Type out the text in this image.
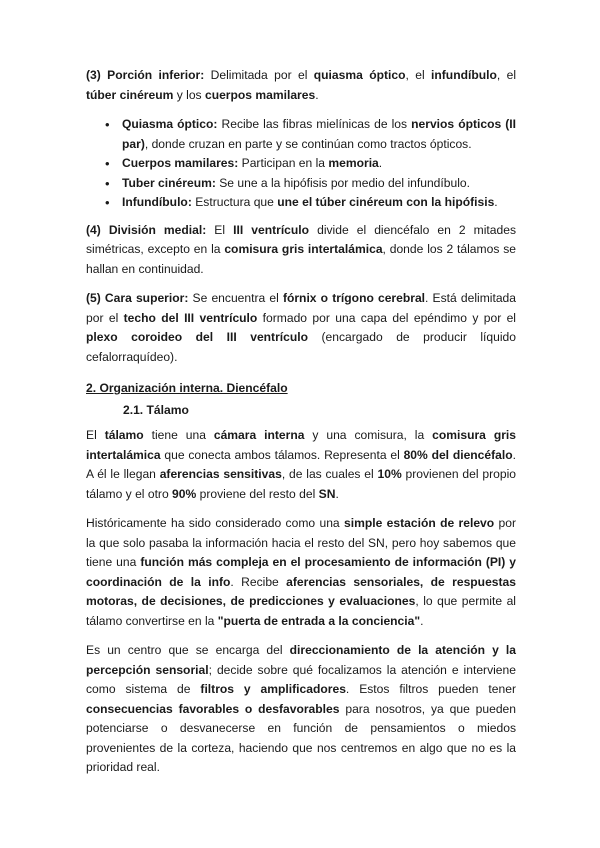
(3) Porción inferior: Delimitada por el quiasma óptico, el infundíbulo, el túber cinéreum y los cuerpos mamilares.

• Quiasma óptico: Recibe las fibras mielínicas de los nervios ópticos (II par), donde cruzan en parte y se continúan como tractos ópticos.
• Cuerpos mamilares: Participan en la memoria.
• Tuber cinéreum: Se une a la hipófisis por medio del infundíbulo.
• Infundíbulo: Estructura que une el túber cinéreum con la hipófisis.

(4) División medial: El III ventrículo divide el diencéfalo en 2 mitades simétricas, excepto en la comisura gris intertalámica, donde los 2 tálamos se hallan en continuidad.

(5) Cara superior: Se encuentra el fórnix o trígono cerebral. Está delimitada por el techo del III ventrículo formado por una capa del epéndimo y por el plexo coroideo del III ventrículo (encargado de producir líquido cefalorraquídeo).

2. Organización interna. Diencéfalo
2.1. Tálamo

El tálamo tiene una cámara interna y una comisura, la comisura gris intertalámica que conecta ambos tálamos. Representa el 80% del diencéfalo. A él le llegan aferencias sensitivas, de las cuales el 10% provienen del propio tálamo y el otro 90% proviene del resto del SN.

Históricamente ha sido considerado como una simple estación de relevo por la que solo pasaba la información hacia el resto del SN, pero hoy sabemos que tiene una función más compleja en el procesamiento de información (PI) y coordinación de la info. Recibe aferencias sensoriales, de respuestas motoras, de decisiones, de predicciones y evaluaciones, lo que permite al tálamo convertirse en la "puerta de entrada a la conciencia".

Es un centro que se encarga del direccionamiento de la atención y la percepción sensorial; decide sobre qué focalizamos la atención e interviene como sistema de filtros y amplificadores. Estos filtros pueden tener consecuencias favorables o desfavorables para nosotros, ya que pueden potenciarse o desvanecerse en función de pensamientos o miedos provenientes de la corteza, haciendo que nos centremos en algo que no es la prioridad real.
